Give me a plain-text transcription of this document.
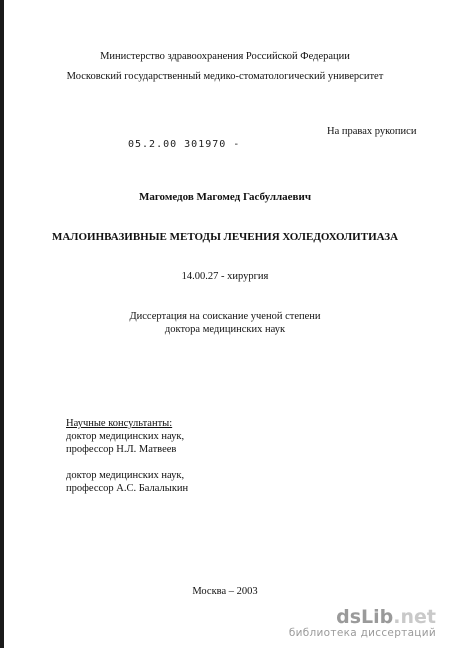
Министерство здравоохранения Российской Федерации
Московский государственный медико-стоматологический университет
05.2.00 301970 -
На правах рукописи
Магомедов Магомед Гасбуллаевич
МАЛОИНВАЗИВНЫЕ МЕТОДЫ ЛЕЧЕНИЯ ХОЛЕДОХОЛИТИАЗА
14.00.27 - хирургия
Диссертация на соискание ученой степени
доктора медицинских наук
Научные консультанты:
доктор медицинских наук,
профессор Н.Л. Матвеев
доктор медицинских наук,
профессор А.С. Балалыкин
Москва – 2003
dsLib.net
библиотека диссертаций
